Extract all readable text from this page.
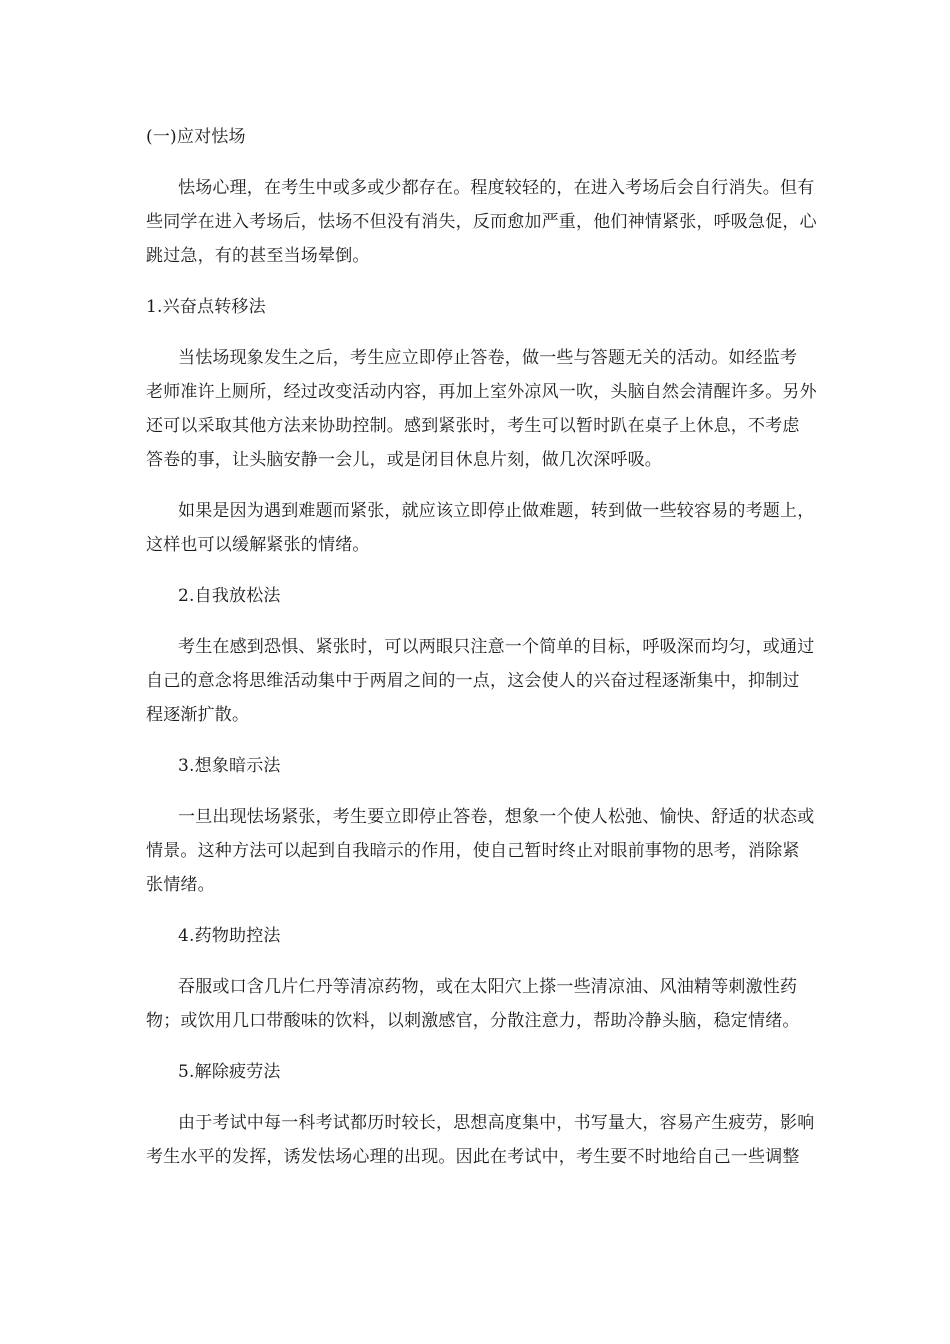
(一)应对怯场
怯场心理，在考生中或多或少都存在。程度较轻的，在进入考场后会自行消失。但有
些同学在进入考场后，怯场不但没有消失，反而愈加严重，他们神情紧张，呼吸急促，心
跳过急，有的甚至当场晕倒。
1.兴奋点转移法
当怯场现象发生之后，考生应立即停止答卷，做一些与答题无关的活动。如经监考
老师准许上厕所，经过改变活动内容，再加上室外凉风一吹，头脑自然会清醒许多。另外
还可以采取其他方法来协助控制。感到紧张时，考生可以暂时趴在桌子上休息，不考虑
答卷的事，让头脑安静一会儿，或是闭目休息片刻，做几次深呼吸。
如果是因为遇到难题而紧张，就应该立即停止做难题，转到做一些较容易的考题上，
这样也可以缓解紧张的情绪。
2.自我放松法
考生在感到恐惧、紧张时，可以两眼只注意一个简单的目标，呼吸深而均匀，或通过
自己的意念将思维活动集中于两眉之间的一点，这会使人的兴奋过程逐渐集中，抑制过
程逐渐扩散。
3.想象暗示法
一旦出现怯场紧张，考生要立即停止答卷，想象一个使人松弛、愉快、舒适的状态或
情景。这种方法可以起到自我暗示的作用，使自己暂时终止对眼前事物的思考，消除紧
张情绪。
4.药物助控法
吞服或口含几片仁丹等清凉药物，或在太阳穴上搽一些清凉油、风油精等刺激性药
物；或饮用几口带酸味的饮料，以刺激感官，分散注意力，帮助冷静头脑，稳定情绪。
5.解除疲劳法
由于考试中每一科考试都历时较长，思想高度集中，书写量大，容易产生疲劳，影响
考生水平的发挥，诱发怯场心理的出现。因此在考试中，考生要不时地给自己一些调整
